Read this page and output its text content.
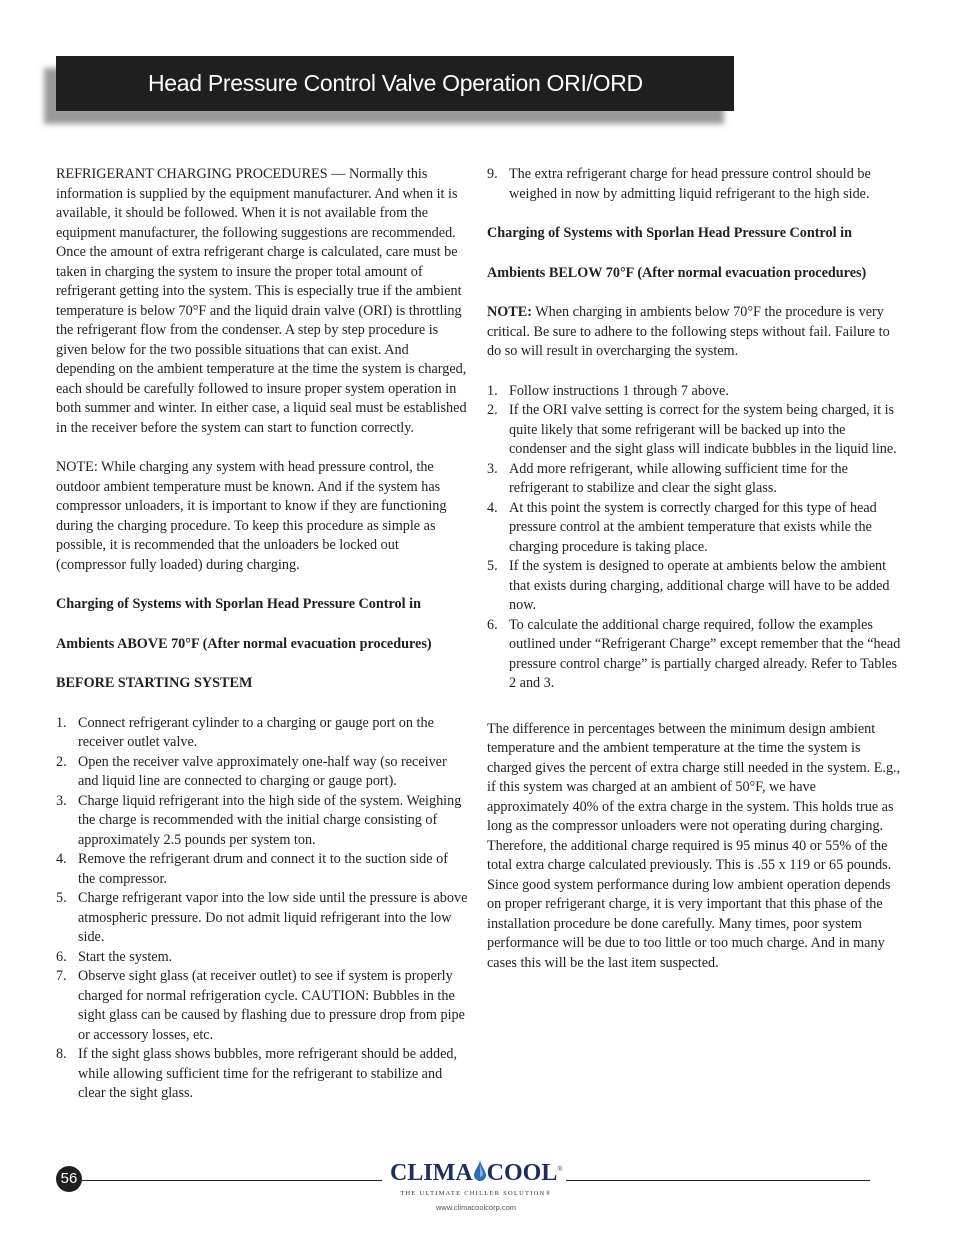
Head Pressure Control Valve Operation ORI/ORD

REFRIGERANT CHARGING PROCEDURES — Normally this information is supplied by the equipment manufacturer. And when it is available, it should be followed. When it is not available from the equipment manufacturer, the following suggestions are recommended. Once the amount of extra refrigerant charge is calculated, care must be taken in charging the system to insure the proper total amount of refrigerant getting into the system. This is especially true if the ambient temperature is below 70°F and the liquid drain valve (ORI) is throttling the refrigerant flow from the condenser. A step by step procedure is given below for the two possible situations that can exist. And depending on the ambient temperature at the time the system is charged, each should be carefully followed to insure proper system operation in both summer and winter. In either case, a liquid seal must be established in the receiver before the system can start to function correctly.

NOTE: While charging any system with head pressure control, the outdoor ambient temperature must be known. And if the system has compressor unloaders, it is important to know if they are functioning during the charging procedure. To keep this procedure as simple as possible, it is recommended that the unloaders be locked out (compressor fully loaded) during charging.

Charging of Systems with Sporlan Head Pressure Control in

Ambients ABOVE 70°F (After normal evacuation procedures)

BEFORE STARTING SYSTEM

1. Connect refrigerant cylinder to a charging or gauge port on the receiver outlet valve.
2. Open the receiver valve approximately one-half way (so receiver and liquid line are connected to charging or gauge port).
3. Charge liquid refrigerant into the high side of the system. Weighing the charge is recommended with the initial charge consisting of approximately 2.5 pounds per system ton.
4. Remove the refrigerant drum and connect it to the suction side of the compressor.
5. Charge refrigerant vapor into the low side until the pressure is above atmospheric pressure. Do not admit liquid refrigerant into the low side.
6. Start the system.
7. Observe sight glass (at receiver outlet) to see if system is properly charged for normal refrigeration cycle. CAUTION: Bubbles in the sight glass can be caused by flashing due to pressure drop from pipe or accessory losses, etc.
8. If the sight glass shows bubbles, more refrigerant should be added, while allowing sufficient time for the refrigerant to stabilize and clear the sight glass.
9. The extra refrigerant charge for head pressure control should be weighed in now by admitting liquid refrigerant to the high side.

Charging of Systems with Sporlan Head Pressure Control in

Ambients BELOW 70°F (After normal evacuation procedures)

NOTE: When charging in ambients below 70°F the procedure is very critical. Be sure to adhere to the following steps without fail. Failure to do so will result in overcharging the system.

1. Follow instructions 1 through 7 above.
2. If the ORI valve setting is correct for the system being charged, it is quite likely that some refrigerant will be backed up into the condenser and the sight glass will indicate bubbles in the liquid line.
3. Add more refrigerant, while allowing sufficient time for the refrigerant to stabilize and clear the sight glass.
4. At this point the system is correctly charged for this type of head pressure control at the ambient temperature that exists while the charging procedure is taking place.
5. If the system is designed to operate at ambients below the ambient that exists during charging, additional charge will have to be added now.
6. To calculate the additional charge required, follow the examples outlined under “Refrigerant Charge” except remember that the “head pressure control charge” is partially charged already. Refer to Tables 2 and 3.

The difference in percentages between the minimum design ambient temperature and the ambient temperature at the time the system is charged gives the percent of extra charge still needed in the system. E.g., if this system was charged at an ambient of 50°F, we have approximately 40% of the extra charge in the system. This holds true as long as the compressor unloaders were not operating during charging. Therefore, the additional charge required is 95 minus 40 or 55% of the total extra charge calculated previously. This is .55 x 119 or 65 pounds. Since good system performance during low ambient operation depends on proper refrigerant charge, it is very important that this phase of the installation procedure be done carefully. Many times, poor system performance will be due to too little or too much charge. And in many cases this will be the last item suspected.

56	CLIMA COOL®
THE ULTIMATE CHILLER SOLUTION®
www.climacoolcorp.com
